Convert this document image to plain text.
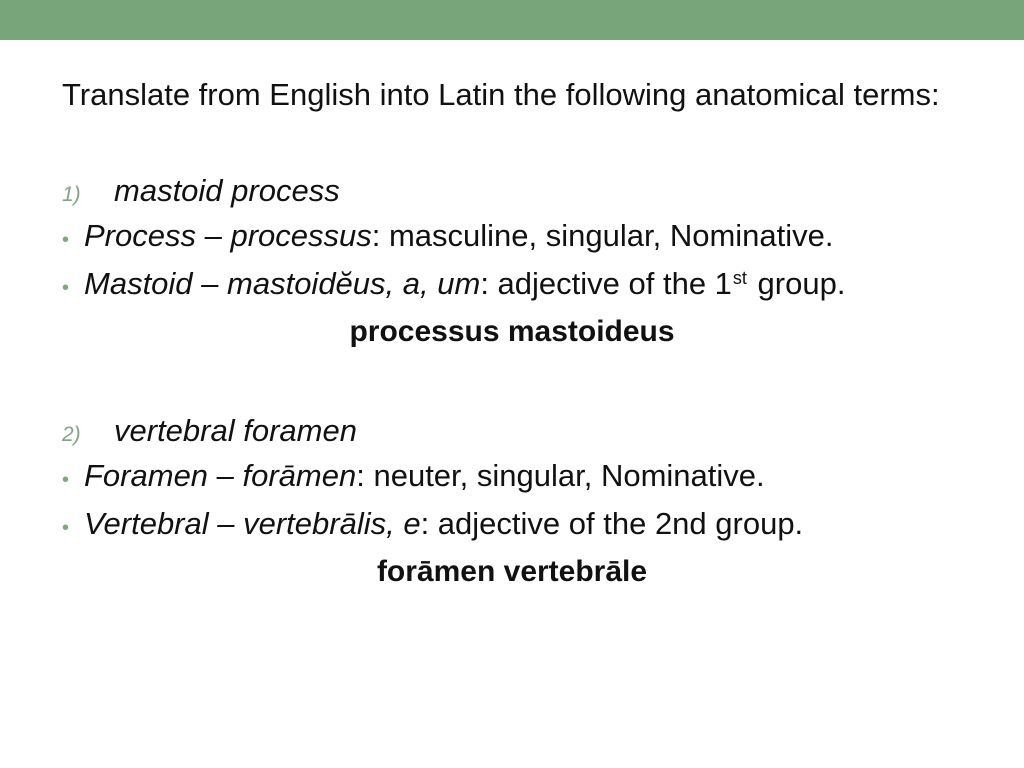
Translate from English into Latin the following anatomical terms:

1)	mastoid process
• Process – processus: masculine, singular, Nominative.
• Mastoid – mastoidĕus, a, um: adjective of the 1st group.
processus mastoideus
2)	vertebral foramen
• Foramen – forāmen: neuter, singular, Nominative.
• Vertebral – vertebrālis, e: adjective of the 2nd group.
forāmen vertebrāle
